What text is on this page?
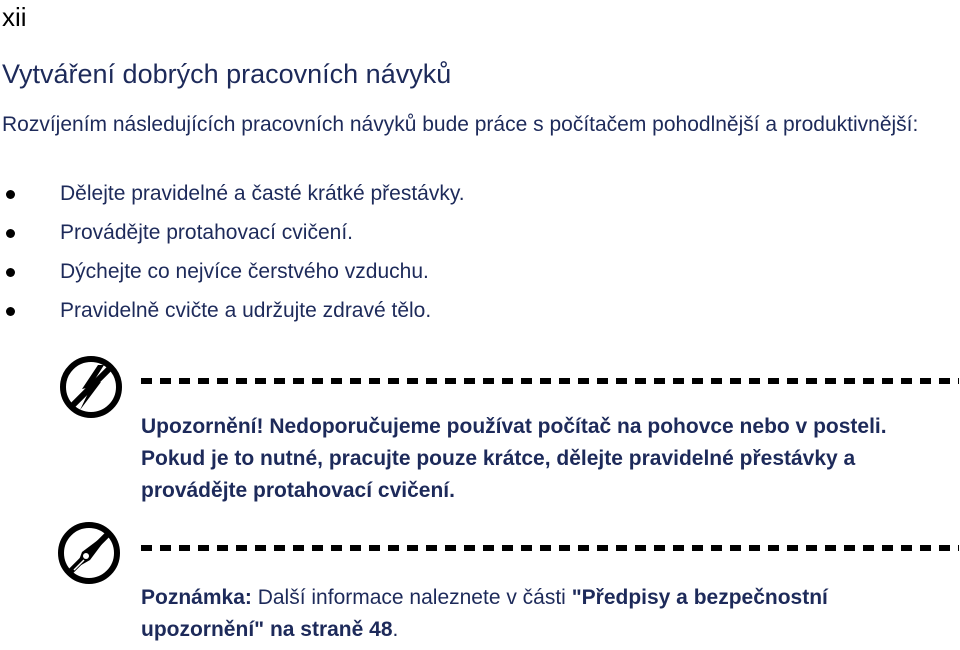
xii
Vytváření dobrých pracovních návyků
Rozvíjením následujících pracovních návyků bude práce s počítačem pohodlnější a produktivnější:
Dělejte pravidelné a časté krátké přestávky.
Provádějte protahovací cvičení.
Dýchejte co nejvíce čerstvého vzduchu.
Pravidelně cvičte a udržujte zdravé tělo.
Upozornění! Nedoporučujeme používat počítač na pohovce nebo v posteli. Pokud je to nutné, pracujte pouze krátce, dělejte pravidelné přestávky a provádějte protahovací cvičení.
Poznámka: Další informace naleznete v části "Předpisy a bezpečnostní upozornění" na straně 48.
